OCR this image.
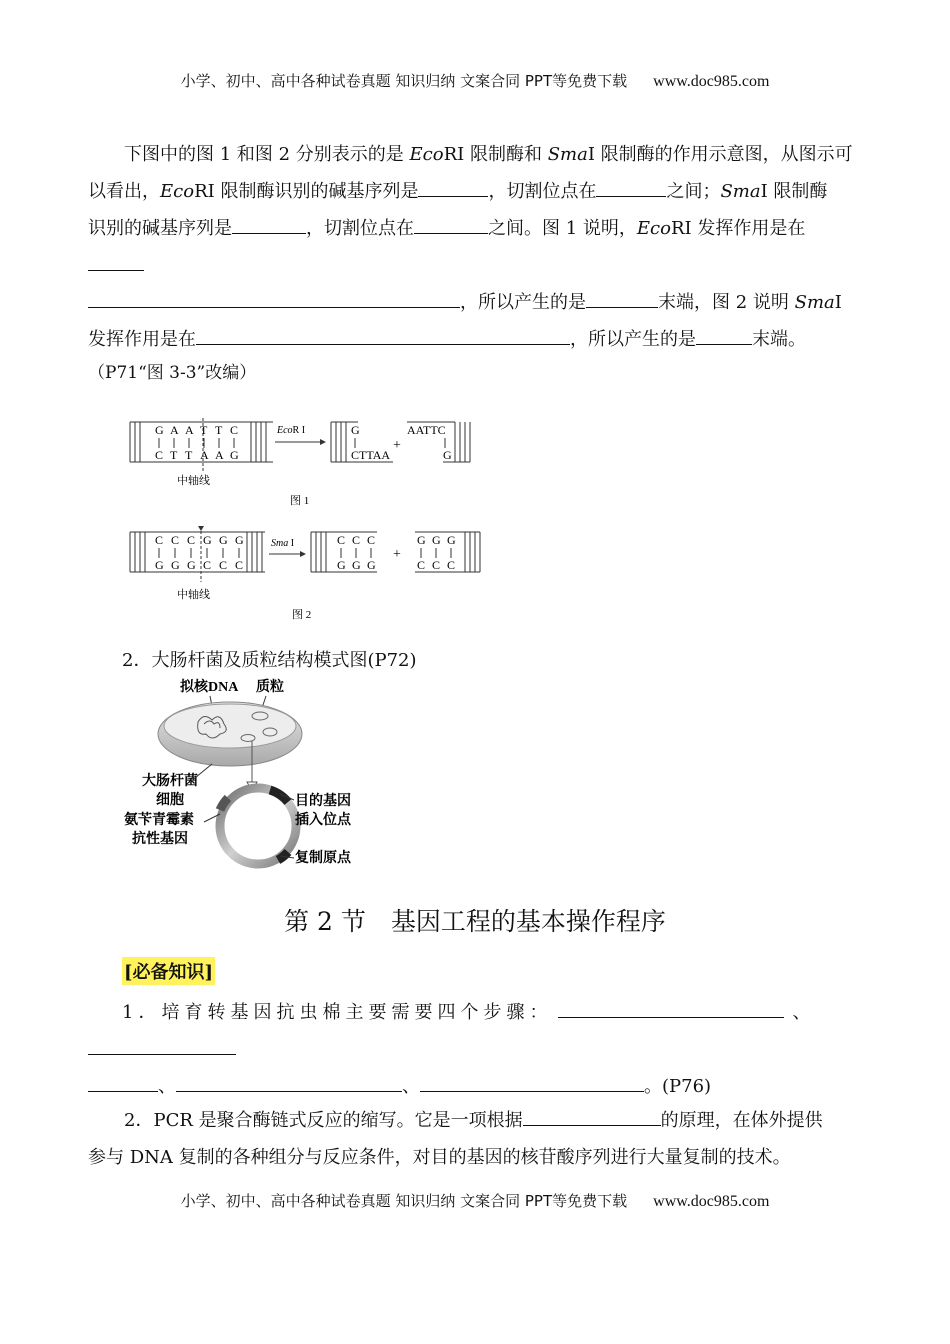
小学、初中、高中各种试卷真题 知识归纳 文案合同 PPT等免费下载 www.doc985.com
下图中的图 1 和图 2 分别表示的是 EcoRI 限制酶和 SmaI 限制酶的作用示意图，从图示可
以看出，EcoRI 限制酶识别的碱基序列是	，切割位点在	之间；SmaI 限制酶
识别的碱基序列是	，切割位点在	之间。图 1 说明，EcoRI 发挥作用是在
，所以产生的是	末端，图 2 说明 SmaI
发挥作用是在	，所以产生的是	末端。
（P71“图 3-3”改编）
G
C
A
T
A
T
T
A
T
A
C
G
EcoR I	G
CTTAA
+
AATTC
G
中轴线
图 1
C
G
C
G
C
G
G
C
G
C
G
C
Sma I	C
G
C
G
C
G
G
C
G
C
G
C
+
中轴线
图 2
2．大肠杆菌及质粒结构模式图(P72)
拟核DNA 质粒
大肠杆菌
细胞
氨苄青霉素
抗性基因
目的基因
插入位点
复制原点
第 2 节　基因工程的基本操作程序
[必备知识]
1．培育转基因抗虫棉主要需要四个步骤：	、
、	、	。(P76)
2．PCR 是聚合酶链式反应的缩写。它是一项根据	的原理，在体外提供
参与 DNA 复制的各种组分与反应条件，对目的基因的核苷酸序列进行大量复制的技术。
小学、初中、高中各种试卷真题 知识归纳 文案合同 PPT等免费下载 www.doc985.com
